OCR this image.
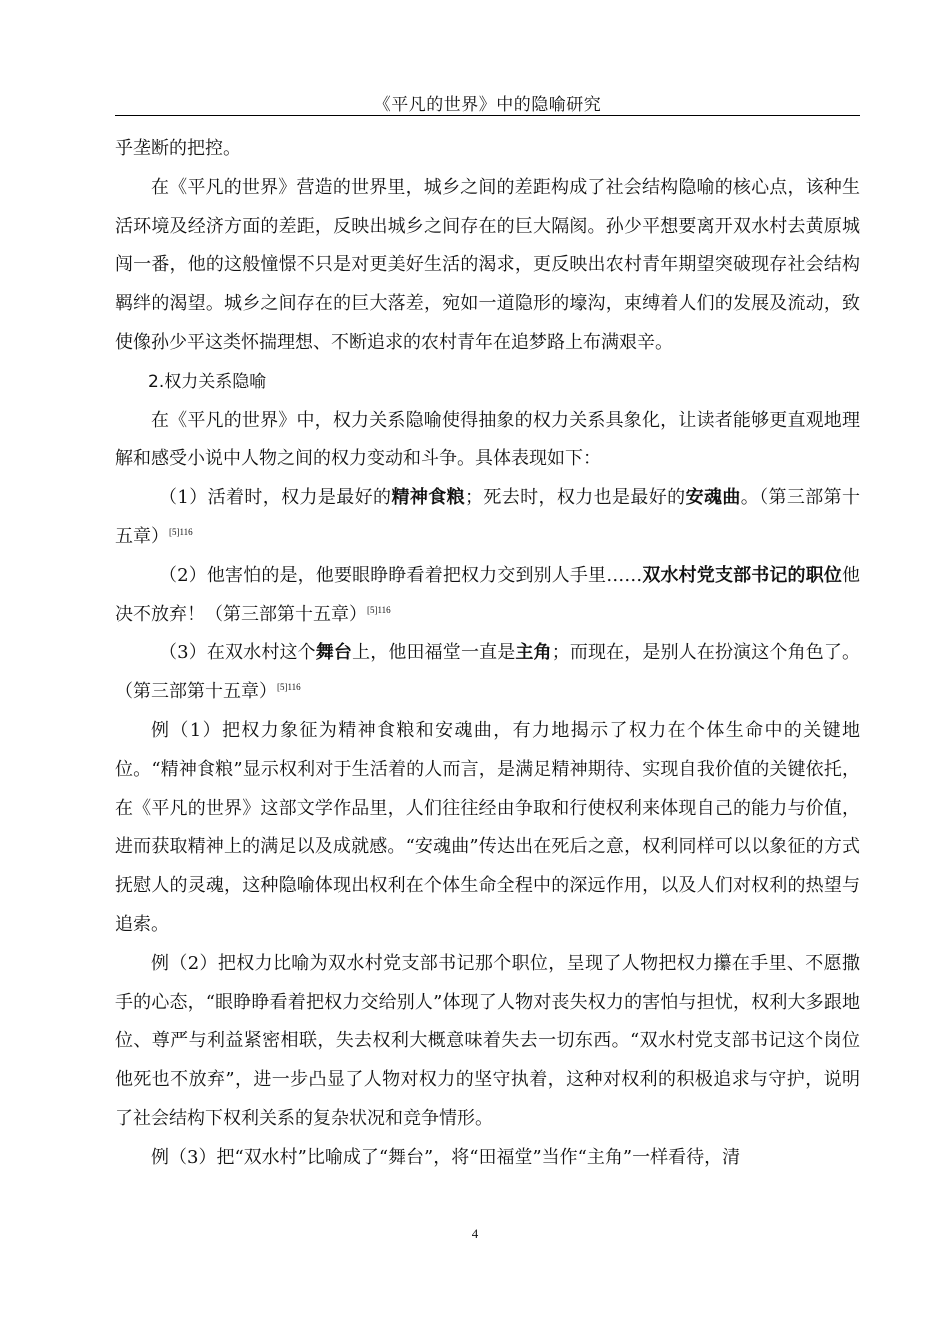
《平凡的世界》中的隐喻研究

乎垄断的把控。

在《平凡的世界》营造的世界里，城乡之间的差距构成了社会结构隐喻的核心点，该种生活环境及经济方面的差距，反映出城乡之间存在的巨大隔阂。孙少平想要离开双水村去黄原城闯一番，他的这般憧憬不只是对更美好生活的渴求，更反映出农村青年期望突破现存社会结构羁绊的渴望。城乡之间存在的巨大落差，宛如一道隐形的壕沟，束缚着人们的发展及流动，致使像孙少平这类怀揣理想、不断追求的农村青年在追梦路上布满艰辛。

2.权力关系隐喻

在《平凡的世界》中，权力关系隐喻使得抽象的权力关系具象化，让读者能够更直观地理解和感受小说中人物之间的权力变动和斗争。具体表现如下：

（1）活着时，权力是最好的精神食粮；死去时，权力也是最好的安魂曲。（第三部第十五章）$^{[5]116}$

（2）他害怕的是，他要眼睁睁看着把权力交到别人手里……双水村党支部书记的职位他决不放弃！（第三部第十五章）$^{[5]116}$

（3）在双水村这个舞台上，他田福堂一直是主角；而现在，是别人在扮演这个角色了。（第三部第十五章）$^{[5]116}$

例（1）把权力象征为精神食粮和安魂曲，有力地揭示了权力在个体生命中的关键地位。“精神食粮”显示权利对于生活着的人而言，是满足精神期待、实现自我价值的关键依托，在《平凡的世界》这部文学作品里，人们往往经由争取和行使权利来体现自己的能力与价值，进而获取精神上的满足以及成就感。“安魂曲”传达出在死后之意，权利同样可以以象征的方式抚慰人的灵魂，这种隐喻体现出权利在个体生命全程中的深远作用，以及人们对权利的热望与追索。

例（2）把权力比喻为双水村党支部书记那个职位，呈现了人物把权力攥在手里、不愿撒手的心态，“眼睁睁看着把权力交给别人”体现了人物对丧失权力的害怕与担忧，权利大多跟地位、尊严与利益紧密相联，失去权利大概意味着失去一切东西。“双水村党支部书记这个岗位他死也不放弃”，进一步凸显了人物对权力的坚守执着，这种对权利的积极追求与守护，说明了社会结构下权利关系的复杂状况和竞争情形。

例（3）把“双水村”比喻成了“舞台”，将“田福堂”当作“主角”一样看待，清

4
